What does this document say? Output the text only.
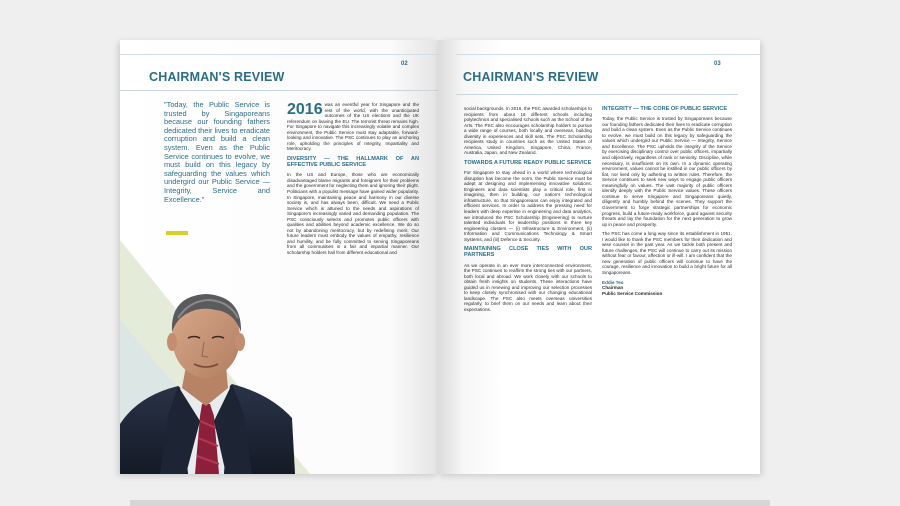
CHAIRMAN'S REVIEW
02
"Today, the Public Service is trusted by Singaporeans because our founding fathers dedicated their lives to eradicate corruption and build a clean system. Even as the Public Service continues to evolve, we must build on this legacy by safeguarding the values which undergird our Public Service — Integrity, Service and Excellence."

2016 was an eventful year for Singapore and the rest of the world, with the unanticipated outcomes of the US elections and the UK referendum on leaving the EU. The terrorist threat remains high. For Singapore to navigate this increasingly volatile and complex environment, the Public Service must stay adaptable, forward-looking and innovative. The PSC continues to play an anchoring role, upholding the principles of Integrity, Impartiality and Meritocracy.

DIVERSITY — THE HALLMARK OF AN EFFECTIVE PUBLIC SERVICE

In the US and Europe, those who are economically disadvantaged blame migrants and foreigners for their problems and the government for neglecting them and ignoring their plight. Politicians with a populist message have gained wider popularity. In Singapore, maintaining peace and harmony in our diverse society is, and has always been, difficult. We need a Public Service which is attuned to the needs and aspirations of Singapore's increasingly varied and demanding population. The PSC consciously selects and promotes public officers with qualities and abilities beyond academic excellence. We do so not by abandoning meritocracy, but by redefining merit. Our future leaders must embody the values of empathy, resilience and humility, and be fully committed to serving Singaporeans from all communities in a fair and impartial manner. Our scholarship holders hail from different educational and

CHAIRMAN'S REVIEW
03

social backgrounds. In 2016, the PSC awarded scholarships to recipients from about 16 different schools including polytechnics and specialised schools such as the School of the Arts. The PSC also encourages scholarship holders to pursue a wide range of courses, both locally and overseas, building diversity in experiences and skill sets. The PSC Scholarship recipients study in countries such as the United States of America, United Kingdom, Singapore, China, France, Australia, Japan, and New Zealand.

TOWARDS A FUTURE READY PUBLIC SERVICE

For Singapore to stay ahead in a world where technological disruption has become the norm, the Public Service must be adept at designing and implementing innovative solutions. Engineers and data scientists play a critical role, first in imagining, then in building, our nation's technological infrastructure, so that Singaporeans can enjoy integrated and efficient services. In order to address the pressing need for leaders with deep expertise in engineering and data analytics, we introduced the PSC Scholarship (Engineering) to nurture talented individuals for leadership positions in three key engineering clusters — (i) Infrastructure & Environment, (ii) Information and Communications Technology & Smart Systems, and (iii) Defence & Security.

MAINTAINING CLOSE TIES WITH OUR PARTNERS

As we operate in an ever more interconnected environment, the PSC continues to reaffirm the strong ties with our partners, both local and abroad. We work closely with our schools to obtain fresh insights on students. These interactions have guided us in renewing and improving our selection processes to keep closely synchronised with our changing educational landscape. The PSC also meets overseas universities regularly, to brief them on our needs and learn about their expectations.

INTEGRITY — THE CORE OF PUBLIC SERVICE

Today, the Public Service is trusted by Singaporeans because our founding fathers dedicated their lives to eradicate corruption and build a clean system. Even as the Public Service continues to evolve, we must build on this legacy by safeguarding the values which undergird our Public Service — Integrity, Service and Excellence. The PSC upholds the integrity of the Service by exercising disciplinary control over public officers, impartially and objectively, regardless of rank or seniority. Discipline, while necessary, is insufficient on its own. In a dynamic operating environment, values cannot be instilled in our public officers by fiat, nor lived only by adhering to written rules. Therefore, the Service continues to seek new ways to engage public officers meaningfully on values. The vast majority of public officers identify deeply with the Public Service values. These officers continue to serve Singapore and Singaporeans quietly, diligently and humbly behind the scenes. They support the Government to forge strategic partnerships for economic progress, build a future-ready workforce, guard against security threats and lay the foundation for the next generation to grow up in peace and prosperity.

The PSC has come a long way since its establishment in 1951. I would like to thank the PSC members for their dedication and wise counsel in the past year. As we tackle both present and future challenges, the PSC will continue to carry out its mission without fear or favour, affection or ill-will. I am confident that the new generation of public officers will continue to have the courage, resilience and innovation to build a bright future for all Singaporeans.

Eddie Teo
Chairman
Public Service Commission
